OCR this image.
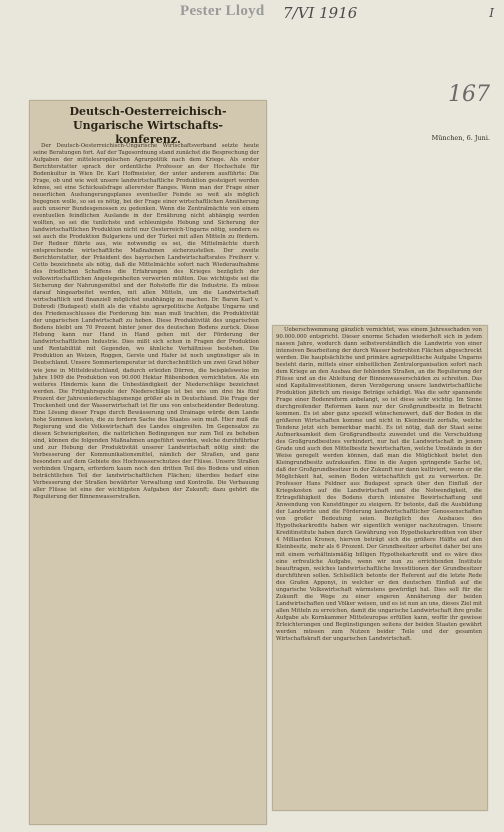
Pester Lloyd 7/VI 1916	I
167

Deutsch-Oesterreichisch-Ungarische Wirtschafts-konferenz.	München, 6. Juni.

Der Deutsch-Oesterreichisch-Ungarische Wirtschaftsverband setzte heute seine Beratungen fort. Auf der Tagesordnung stand zunächst die Besprechung der Aufgaben der mitteleuropäischen Agrarpolitik nach dem Kriege. Als erster Berichterstatter sprach der ordentliche Professor an der Hochschule für Bodenkultur in Wien Dr. Karl Hoffmeister, der unter anderem ausführte: Die Frage, ob und wie weit unsere landwirtschaftliche Produktion gesteigert werden könne, sei eine Schicksalsfrage allererster Ranges. Wenn man der Frage einer neuerlichen Aushungerungsplanes eventueller Feinde so weit als möglich begegnen wolle, so sei es nötig, bei der Frage einer wirtschaftlichen Annäherung auch unserer Bundesgenossen zu gedenken. Wenn die Zentralmächte von einem eventuellen feindlichen Auslande in der Ernährung nicht abhängig werden wollten, so sei die tunlichste und schleunigste Hebung und Sicherung der landwirtschaftlichen Produktion nicht nur Oesterreich-Ungarns nötig, sondern es sei auch die Produktion Bulgariens und der Türkei mit allen Mitteln zu fördern. Der Redner führte aus, wie notwendig es sei, die Mittelmächte durch entsprechende wirtschaftliche Maßnahmen sicherzustellen. Der zweite Berichterstatter, der Präsident des bayrischen Landwirtschaftsrates Freiherr v. Cetto bezeichnete als nötig, daß die Mittelmächte sofort nach Wiederaufnahme des friedlichen Schaffens die Erfahrungen des Krieges bezüglich der volkswirtschaftlichen Angelegenheiten verwerten müßten. Das wichtigste sei die Sicherung der Nahrungsmittel und der Rohstoffe für die Industrie. Es müsse darauf hingearbeitet werden, mit allen Mitteln, um die Landwirtschaft wirtschaftlich und finanziell möglichst unabhängig zu machen. Dr. Baron Karl v. Dobrodi (Budapest) stellt als die vitalste agrarpolitische Aufgabe Ungarns und des Friedensschlusses die Forderung hin: man muß trachten, die Produktivität der ungarischen Landwirtschaft zu heben. Diese Produktivität des ungarischen Bodens bleibt um 70 Prozent hinter jener des deutschen Bodens zurück. Diese Hebung kann nur Hand in Hand gehen mit der Förderung der landwirtschaftlichen Industrie. Dies mißt sich schon in Fragen der Produktion und Rentabilität mit Gegenden, wo ähnliche Verhältnisse bestehen. Die Produktion an Weizen, Roggen, Gerste und Hafer ist noch ungünstiger als in Deutschland. Unsere Sommertemperatur ist durchschnittlich um zwei Grad höher wie jene in Mitteldeutschland, dadurch erleiden Dürren, die beispielsweise im Jahre 1909 die Produktion von 90.000 Hektar Rübenboden vernichteten. Als ein weiteres Hindernis kann die Unbeständigkeit der Niederschläge bezeichnet werden. Die Frühjahrsquote der Niederschläge ist bei uns um drei bis fünf Prozent der Jahresniederschlagsmenge größer als in Deutschland. Die Frage der Trockenheit und der Wasserwirtschaft ist für uns von entscheidender Bedeutung. Eine Lösung dieser Frage durch Bewässerung und Drainage würde dem Lande hohe Summen kosten, die zu fordern Sache des Staates sein muß. Hier muß die Regierung und die Volkswirtschaft des Landes eingreifen. Im Gegensatze zu diesen Schwierigkeiten, die natürlichen Bedingungen nur zum Teil zu beheben sind, können die folgenden Maßnahmen angeführt werden, welche durchführbar und zur Hebung der Produktivität unserer Landwirtschaft nötig sind: die Verbesserung der Kommunikationsmittel, nämlich der Straßen, und ganz besonders auf dem Gebiete des Hochwasserschutzes der Flüsse. Unsere Straßen verbinden Ungarn, erfordern kaum noch den dritten Teil des Bodens und einen beträchtlichen Teil der landwirtschaftlichen Flächen; überdies bedarf eine Verbesserung der Straßen bewährter Verwaltung und Kontrolle. Die Verbauung aller Flüsse ist eine der wichtigsten Aufgaben der Zukunft; dazu gehört die Regulierung der Binnenwasserstraßen.

Ueberschwemmung gänzlich vernichtet, was einem Jahresschaden von 90.000.000 entspricht. Dieser enorme Schaden wiederholt sich in jedem nassen Jahre, wodurch dann selbstverständlich die Landwirte von einer intensiven Bearbeitung der durch Wasser bedrohten Flächen abgeschreckt werden. Die hauptsächliche und primäre agrarpolitische Aufgabe Ungarns besteht darin, mittels einer einheitlichen Zentralorganisation sofort nach dem Kriege an den Ausbau der fehlenden Straßen, an die Regulierung der Flüsse und an die Ableitung der Binnenwasserschäden zu schreiten. Das sind Kapitalinvestitionen, deren Verzögerung unsere landwirtschaftliche Produktion jährlich um riesige Beträge schädigt. Was die sehr spannende Frage einer Bodenreform anbelangt, so ist diese sehr wichtig. Im Sinne durchgreifender Reformen kann nur der Großgrundbesitz in Betracht kommen. Es ist aber ganz speziell wünschenswert, daß der Boden in die größeren Wirtschaften komme und nicht in Kleinbesitz zerfalle, welche Tendenz jetzt sich bemerkbar macht. Es ist nötig, daß der Staat seine Aufmerksamkeit dem Großgrundbesitz zuwendet und die Verschuldung des Großgrundbesitzes verhindert, nur hat die Landwirtschaft in jenem Grade und auch den Mittelbesitz bewirtschaften, welche Umstände in der Weise geregelt werden können, daß man die Möglichkeit bietet den Kleingrundbesitz aufzukaufen. Eine in die Augen springende Sache ist, daß der Großgrundbesitzer in der Zukunft nur dann kultiviert, wenn er die Möglichkeit hat, seinen Boden wirtschaftlich gut zu verwerten. Dr. Professor Hans Feldner aus Budapest sprach über den Einfluß der Kriegskosten auf die Landwirtschaft und die Notwendigkeit, die Ertragsfähigkeit des Bodens durch intensive Bewirtschaftung und Anwendung von Kunstdünger zu steigern. Er betonte, daß die Ausbildung der Landwirte und die Förderung landwirtschaftlicher Genossenschaften von großer Bedeutung seien. Bezüglich des Ausbaues des Hypothekarkredits haben wir eigentlich weniger nachzutragen. Unsere Kreditinstitute haben durch Gewährung von Hypothekarkrediten von über 4 Milliarden Kronen, hiervon beträgt sich die größere Hälfte auf den Kleinbesitz, mehr als 6 Prozent. Der Grundbesitzer arbeitet daher bei uns mit einem verhältnismäßig billigen Hypothekarkredit und es wäre dies eine erfreuliche Aufgabe, wenn wir nun zu errichtenden Institute beauftragen, welches landwirtschaftliche Investitionen der Grundbesitzer durchführen sollen. Schließlich betonte der Referent auf die letzte Rede des Grafen Apponyi, in welcher er den deutschen Einfluß auf die ungarische Volkswirtschaft wärmstens gewürdigt hat. Dies soll für die Zukunft die Wege zu einer engeren Annäherung der beiden Landwirtschaften und Völker weisen, und es ist nun an uns, dieses Ziel mit allen Mitteln zu erreichen, damit die ungarische Landwirtschaft ihre große Aufgabe als Kornkammer Mitteleuropas erfüllen kann, wofür ihr gewisse Erleichterungen und Begünstigungen seitens der beiden Staaten gewährt werden müssen zum Nutzen beider Teile und der gesamten Wirtschaftskraft der ungarischen Landwirtschaft.
